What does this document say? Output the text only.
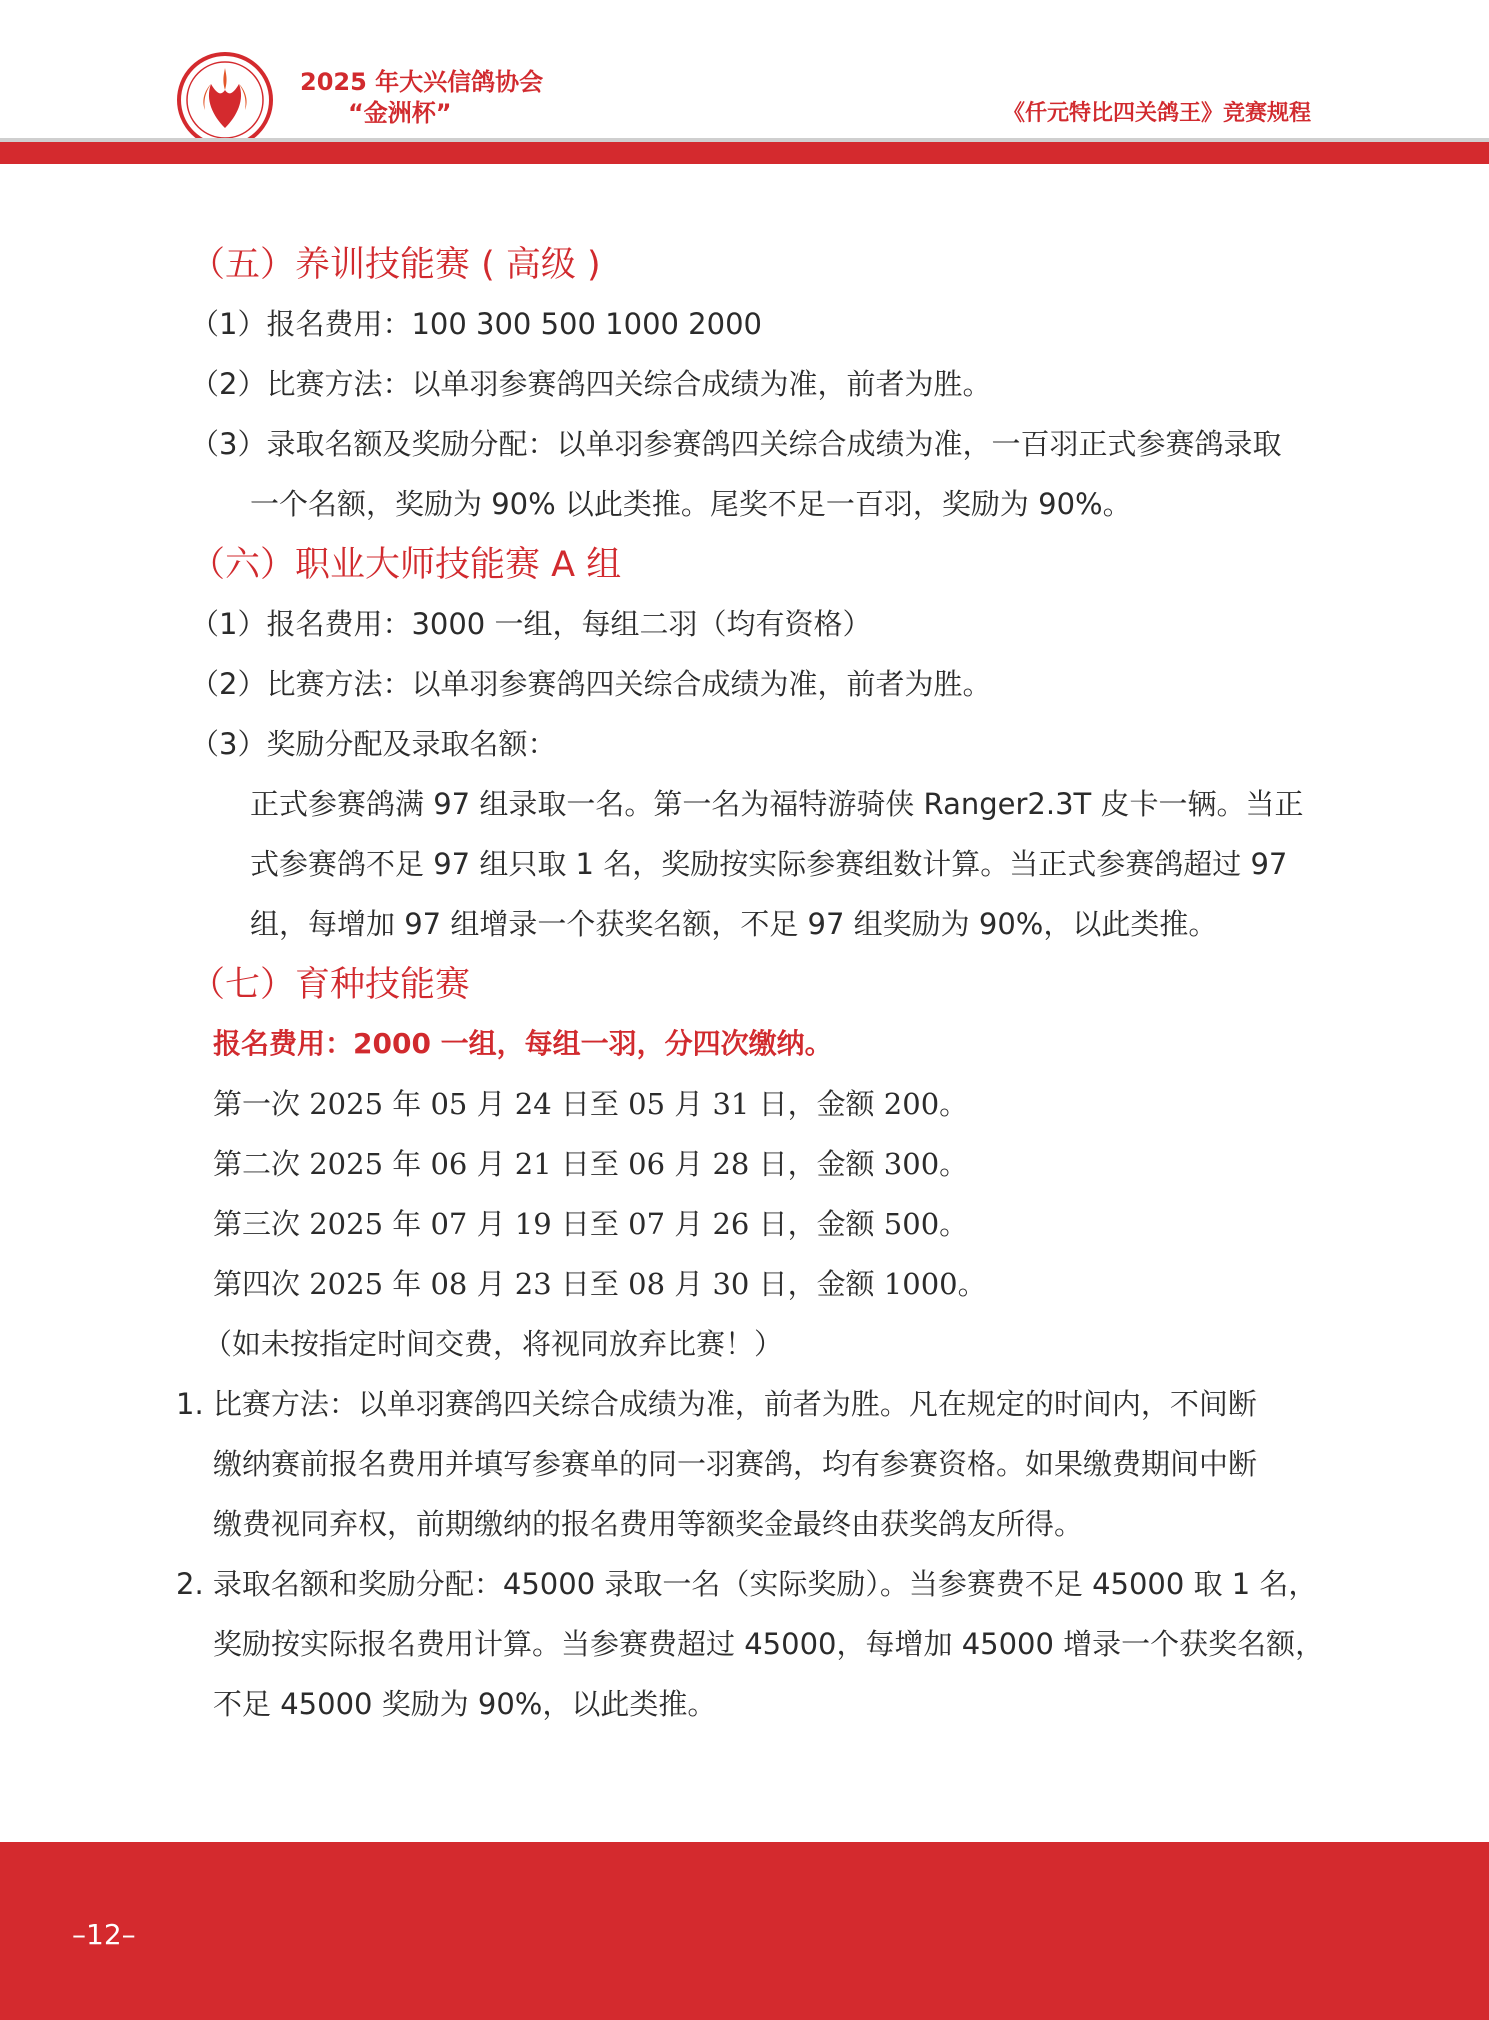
2025 年大兴信鸽协会
“金洲杯”	《仟元特比四关鸽王》竞赛规程
（五）养训技能赛 ( 高级 )
（1）报名费用：100 300 500 1000 2000
（2）比赛方法：以单羽参赛鸽四关综合成绩为准，前者为胜。
（3）录取名额及奖励分配：以单羽参赛鸽四关综合成绩为准，一百羽正式参赛鸽录取
一个名额，奖励为 90% 以此类推。尾奖不足一百羽，奖励为 90%。
（六）职业大师技能赛 A 组
（1）报名费用：3000 一组，每组二羽（均有资格）
（2）比赛方法：以单羽参赛鸽四关综合成绩为准，前者为胜。
（3）奖励分配及录取名额：
正式参赛鸽满 97 组录取一名。第一名为福特游骑侠 Ranger2.3T 皮卡一辆。当正
式参赛鸽不足 97 组只取 1 名，奖励按实际参赛组数计算。当正式参赛鸽超过 97
组，每增加 97 组增录一个获奖名额，不足 97 组奖励为 90%，以此类推。
（七）育种技能赛
报名费用：2000 一组，每组一羽，分四次缴纳。
第一次 2025 年 05 月 24 日至 05 月 31 日，金额 200。
第二次 2025 年 06 月 21 日至 06 月 28 日，金额 300。
第三次 2025 年 07 月 19 日至 07 月 26 日，金额 500。
第四次 2025 年 08 月 23 日至 08 月 30 日，金额 1000。
（如未按指定时间交费，将视同放弃比赛！）
1. 比赛方法：以单羽赛鸽四关综合成绩为准，前者为胜。凡在规定的时间内，不间断
缴纳赛前报名费用并填写参赛单的同一羽赛鸽，均有参赛资格。如果缴费期间中断
缴费视同弃权，前期缴纳的报名费用等额奖金最终由获奖鸽友所得。
2. 录取名额和奖励分配：45000 录取一名（实际奖励）。当参赛费不足 45000 取 1 名，
奖励按实际报名费用计算。当参赛费超过 45000，每增加 45000 增录一个获奖名额，
不足 45000 奖励为 90%，以此类推。
–12–
